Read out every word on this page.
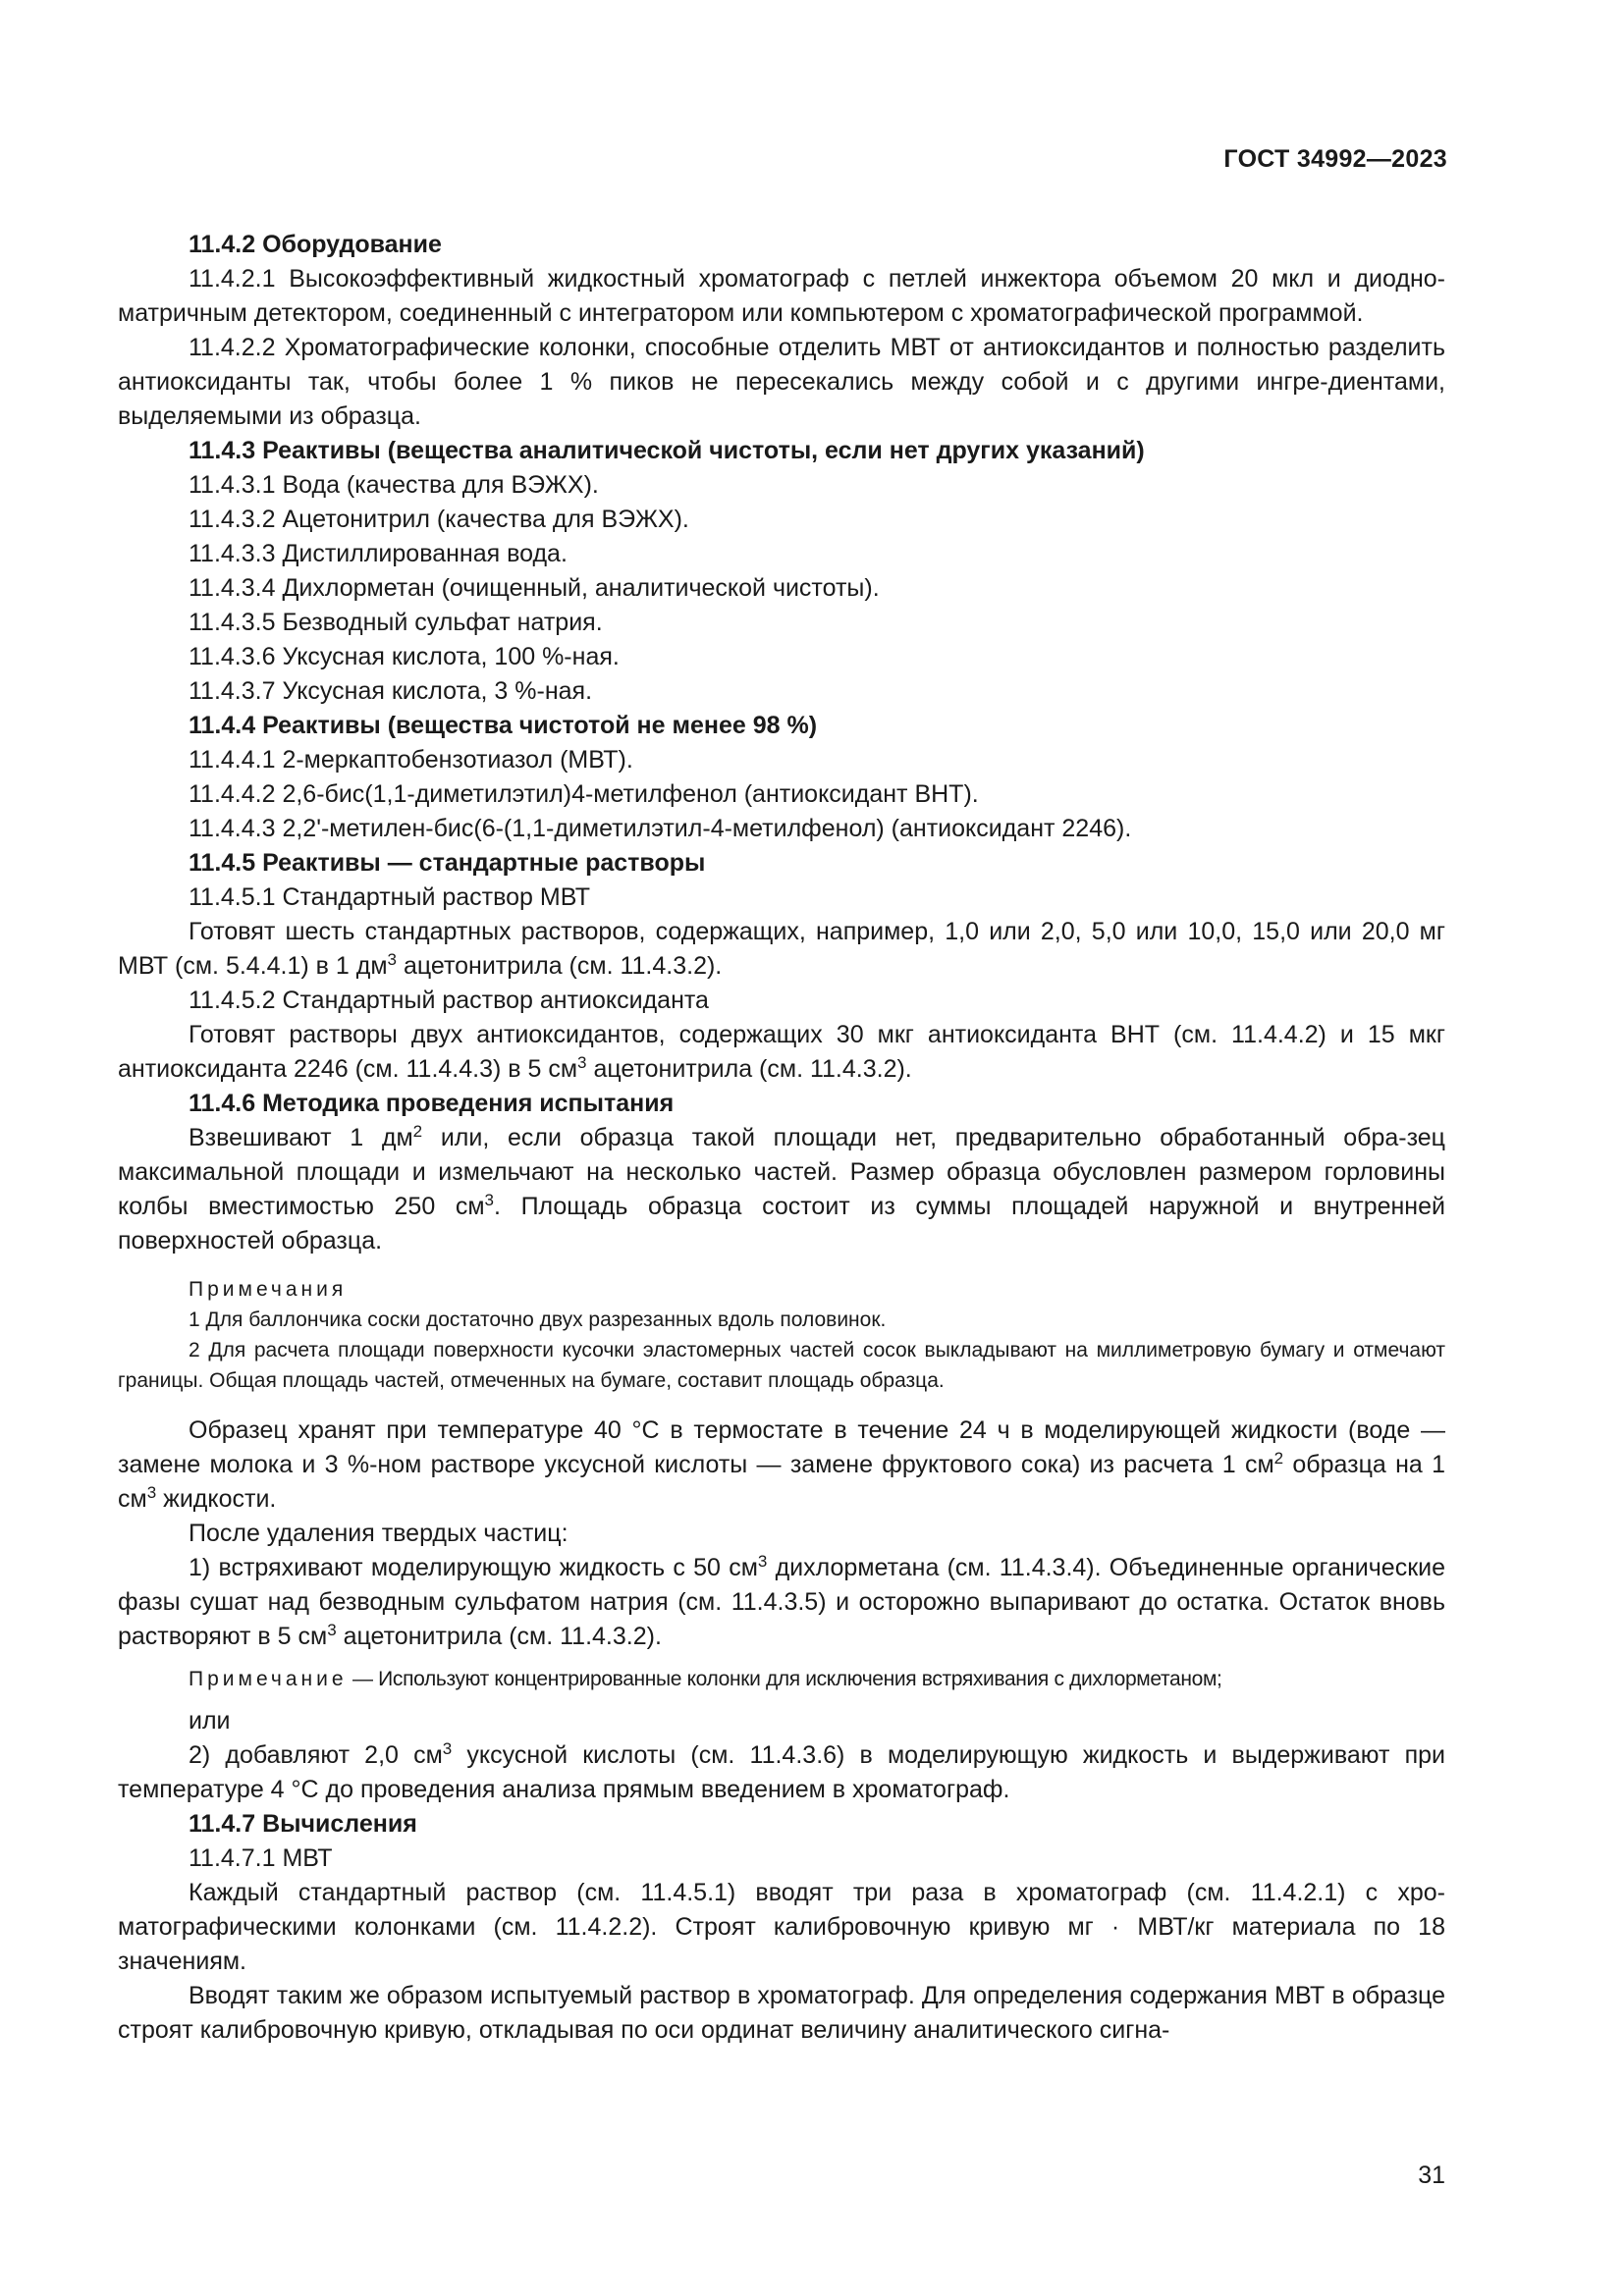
ГОСТ 34992—2023
11.4.2 Оборудование
11.4.2.1 Высокоэффективный жидкостный хроматограф с петлей инжектора объемом 20 мкл и диодно-матричным детектором, соединенный с интегратором или компьютером с хроматографической программой.
11.4.2.2 Хроматографические колонки, способные отделить МВТ от антиоксидантов и полностью разделить антиоксиданты так, чтобы более 1 % пиков не пересекались между собой и с другими ингре-диентами, выделяемыми из образца.
11.4.3 Реактивы (вещества аналитической чистоты, если нет других указаний)
11.4.3.1 Вода (качества для ВЭЖХ).
11.4.3.2 Ацетонитрил (качества для ВЭЖХ).
11.4.3.3 Дистиллированная вода.
11.4.3.4 Дихлорметан (очищенный, аналитической чистоты).
11.4.3.5 Безводный сульфат натрия.
11.4.3.6 Уксусная кислота, 100 %-ная.
11.4.3.7 Уксусная кислота, 3 %-ная.
11.4.4 Реактивы (вещества чистотой не менее 98 %)
11.4.4.1 2-меркаптобензотиазол (МВТ).
11.4.4.2 2,6-бис(1,1-диметилэтил)4-метилфенол (антиоксидант ВНТ).
11.4.4.3 2,2'-метилен-бис(6-(1,1-диметилэтил-4-метилфенол) (антиоксидант 2246).
11.4.5 Реактивы — стандартные растворы
11.4.5.1 Стандартный раствор МВТ
Готовят шесть стандартных растворов, содержащих, например, 1,0 или 2,0, 5,0 или 10,0, 15,0 или 20,0 мг МВТ (см. 5.4.4.1) в 1 $дм^3$ ацетонитрила (см. 11.4.3.2).
11.4.5.2 Стандартный раствор антиоксиданта
Готовят растворы двух антиоксидантов, содержащих 30 мкг антиоксиданта ВНТ (см. 11.4.4.2) и 15 мкг антиоксиданта 2246 (см. 11.4.4.3) в 5 $см^3$ ацетонитрила (см. 11.4.3.2).
11.4.6 Методика проведения испытания
Взвешивают 1 $дм^2$ или, если образца такой площади нет, предварительно обработанный обра-зец максимальной площади и измельчают на несколько частей. Размер образца обусловлен размером горловины колбы вместимостью 250 $см^3$. Площадь образца состоит из суммы площадей наружной и внутренней поверхностей образца.
Примечания
1 Для баллончика соски достаточно двух разрезанных вдоль половинок.
2 Для расчета площади поверхности кусочки эластомерных частей сосок выкладывают на миллиметровую бумагу и отмечают границы. Общая площадь частей, отмеченных на бумаге, составит площадь образца.
Образец хранят при температуре 40 °С в термостате в течение 24 ч в моделирующей жидкости (воде — замене молока и 3 %-ном растворе уксусной кислоты — замене фруктового сока) из расчета 1 $см^2$ образца на 1 $см^3$ жидкости.
После удаления твердых частиц:
1) встряхивают моделирующую жидкость с 50 $см^3$ дихлорметана (см. 11.4.3.4). Объединенные органические фазы сушат над безводным сульфатом натрия (см. 11.4.3.5) и осторожно выпаривают до остатка. Остаток вновь растворяют в 5 $см^3$ ацетонитрила (см. 11.4.3.2).
Примечание — Используют концентрированные колонки для исключения встряхивания с дихлорметаном;
или
2) добавляют 2,0 $см^3$ уксусной кислоты (см. 11.4.3.6) в моделирующую жидкость и выдерживают при температуре 4 °С до проведения анализа прямым введением в хроматограф.
11.4.7 Вычисления
11.4.7.1 МВТ
Каждый стандартный раствор (см. 11.4.5.1) вводят три раза в хроматограф (см. 11.4.2.1) с хро-матографическими колонками (см. 11.4.2.2). Строят калибровочную кривую мг · МВТ/кг материала по 18 значениям.
Вводят таким же образом испытуемый раствор в хроматограф. Для определения содержания МВТ в образце строят калибровочную кривую, откладывая по оси ординат величину аналитического сигна-
31
